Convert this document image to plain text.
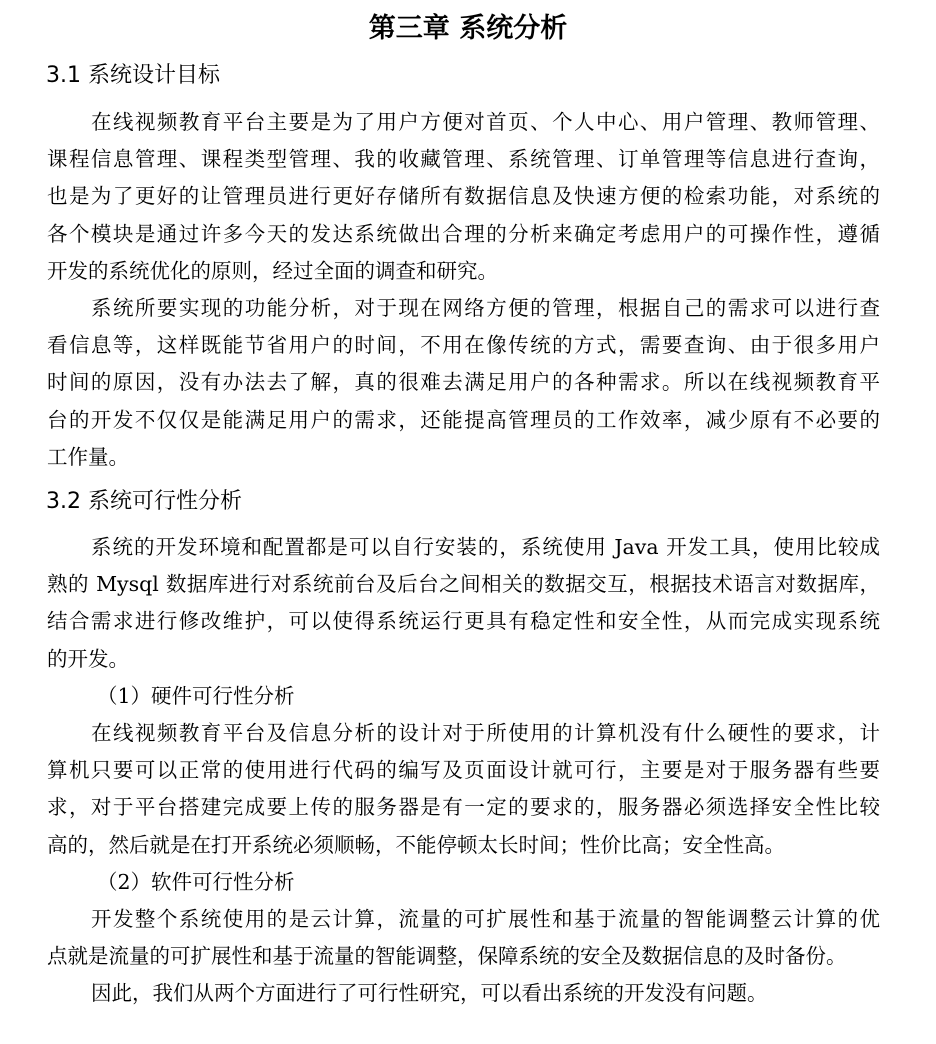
第三章 系统分析
3.1 系统设计目标
在线视频教育平台主要是为了用户方便对首页、个人中心、用户管理、教师管理、
课程信息管理、课程类型管理、我的收藏管理、系统管理、订单管理等信息进行查询，
也是为了更好的让管理员进行更好存储所有数据信息及快速方便的检索功能，对系统的
各个模块是通过许多今天的发达系统做出合理的分析来确定考虑用户的可操作性，遵循
开发的系统优化的原则，经过全面的调查和研究。
系统所要实现的功能分析，对于现在网络方便的管理，根据自己的需求可以进行查
看信息等，这样既能节省用户的时间，不用在像传统的方式，需要查询、由于很多用户
时间的原因，没有办法去了解，真的很难去满足用户的各种需求。所以在线视频教育平
台的开发不仅仅是能满足用户的需求，还能提高管理员的工作效率，减少原有不必要的
工作量。
3.2 系统可行性分析
系统的开发环境和配置都是可以自行安装的，系统使用 Java 开发工具，使用比较成
熟的 Mysql 数据库进行对系统前台及后台之间相关的数据交互，根据技术语言对数据库，
结合需求进行修改维护，可以使得系统运行更具有稳定性和安全性，从而完成实现系统
的开发。
（1）硬件可行性分析
在线视频教育平台及信息分析的设计对于所使用的计算机没有什么硬性的要求，计
算机只要可以正常的使用进行代码的编写及页面设计就可行，主要是对于服务器有些要
求，对于平台搭建完成要上传的服务器是有一定的要求的，服务器必须选择安全性比较
高的，然后就是在打开系统必须顺畅，不能停顿太长时间；性价比高；安全性高。
（2）软件可行性分析
开发整个系统使用的是云计算，流量的可扩展性和基于流量的智能调整云计算的优
点就是流量的可扩展性和基于流量的智能调整，保障系统的安全及数据信息的及时备份。
因此，我们从两个方面进行了可行性研究，可以看出系统的开发没有问题。
